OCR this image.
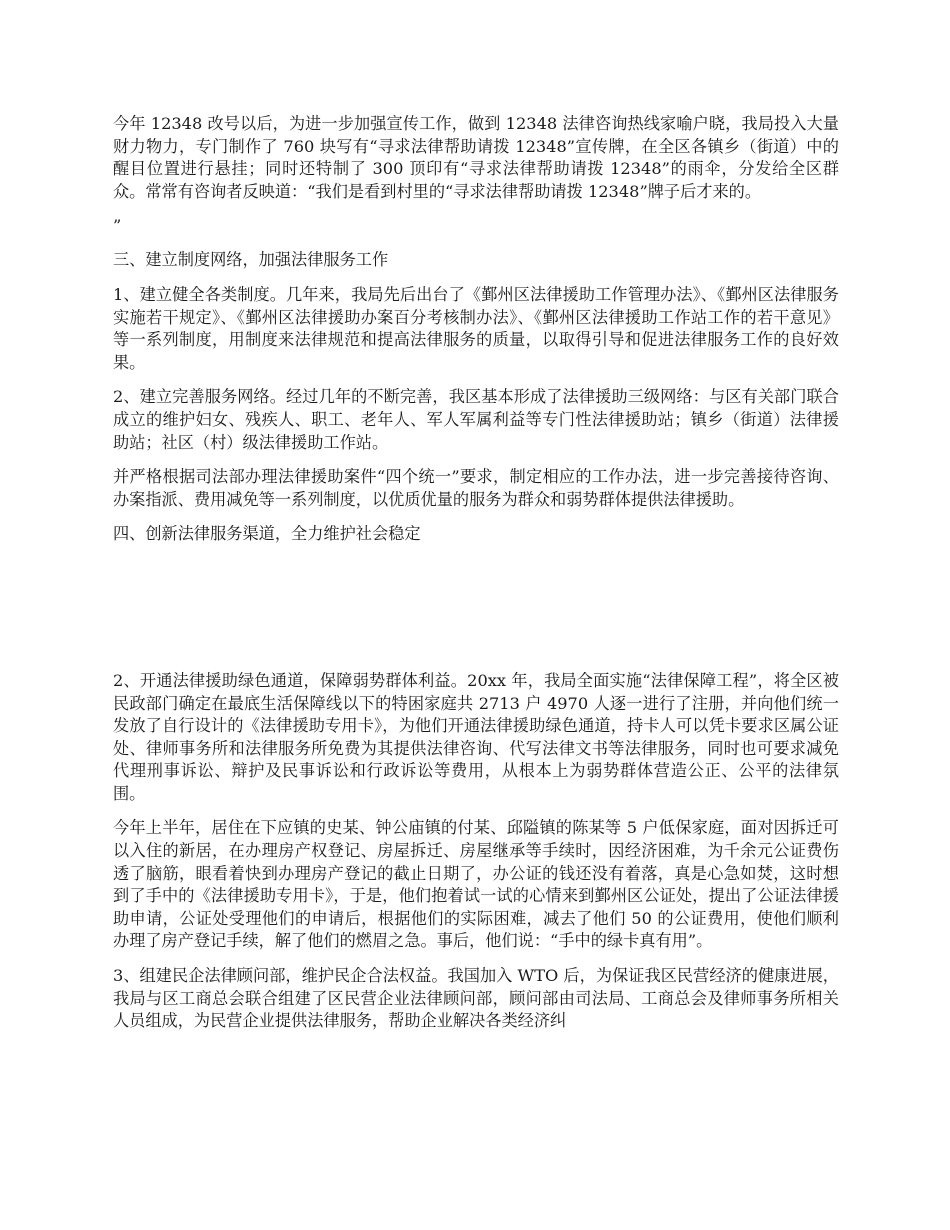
今年 12348 改号以后，为进一步加强宣传工作，做到 12348 法律咨询热线家喻户晓，我局投入大量财力物力，专门制作了 760 块写有“寻求法律帮助请拨 12348”宣传牌，在全区各镇乡（街道）中的醒目位置进行悬挂；同时还特制了 300 顶印有“寻求法律帮助请拨 12348”的雨伞，分发给全区群众。常常有咨询者反映道：“我们是看到村里的“寻求法律帮助请拨 12348”牌子后才来的。

”

三、建立制度网络，加强法律服务工作

1、建立健全各类制度。几年来，我局先后出台了《鄞州区法律援助工作管理办法》、《鄞州区法律服务实施若干规定》、《鄞州区法律援助办案百分考核制办法》、《鄞州区法律援助工作站工作的若干意见》等一系列制度，用制度来法律规范和提高法律服务的质量，以取得引导和促进法律服务工作的良好效果。

2、建立完善服务网络。经过几年的不断完善，我区基本形成了法律援助三级网络：与区有关部门联合成立的维护妇女、残疾人、职工、老年人、军人军属利益等专门性法律援助站；镇乡（街道）法律援助站；社区（村）级法律援助工作站。

并严格根据司法部办理法律援助案件“四个统一”要求，制定相应的工作办法，进一步完善接待咨询、办案指派、费用减免等一系列制度，以优质优量的服务为群众和弱势群体提供法律援助。

四、创新法律服务渠道，全力维护社会稳定

2、开通法律援助绿色通道，保障弱势群体利益。20xx 年，我局全面实施“法律保障工程”，将全区被民政部门确定在最底生活保障线以下的特困家庭共 2713 户 4970 人逐一进行了注册，并向他们统一发放了自行设计的《法律援助专用卡》，为他们开通法律援助绿色通道，持卡人可以凭卡要求区属公证处、律师事务所和法律服务所免费为其提供法律咨询、代写法律文书等法律服务，同时也可要求减免代理刑事诉讼、辩护及民事诉讼和行政诉讼等费用，从根本上为弱势群体营造公正、公平的法律氛围。

今年上半年，居住在下应镇的史某、钟公庙镇的付某、邱隘镇的陈某等 5 户低保家庭，面对因拆迁可以入住的新居，在办理房产权登记、房屋拆迁、房屋继承等手续时，因经济困难，为千余元公证费伤透了脑筋，眼看着快到办理房产登记的截止日期了，办公证的钱还没有着落，真是心急如焚，这时想到了手中的《法律援助专用卡》，于是，他们抱着试一试的心情来到鄞州区公证处，提出了公证法律援助申请，公证处受理他们的申请后，根据他们的实际困难，减去了他们 50 的公证费用，使他们顺利办理了房产登记手续，解了他们的燃眉之急。事后，他们说：“手中的绿卡真有用”。

3、组建民企法律顾问部，维护民企合法权益。我国加入 WTO 后，为保证我区民营经济的健康进展，我局与区工商总会联合组建了区民营企业法律顾问部，顾问部由司法局、工商总会及律师事务所相关人员组成，为民营企业提供法律服务，帮助企业解决各类经济纠
